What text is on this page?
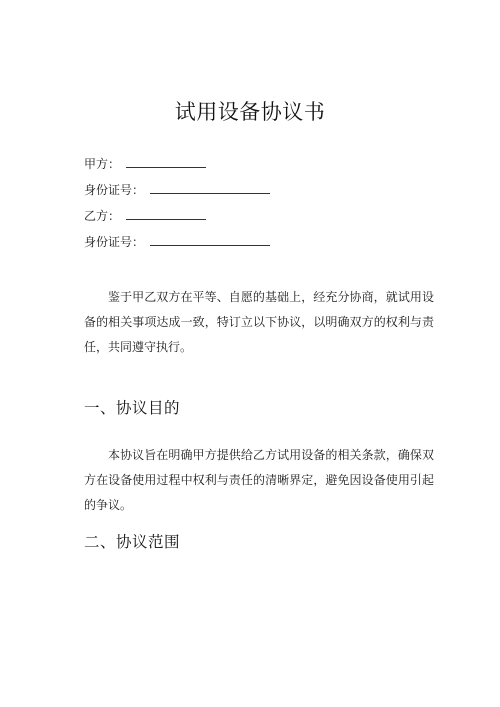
试用设备协议书
甲方：
身份证号：
乙方：
身份证号：
鉴于甲乙双方在平等、自愿的基础上，经充分协商，就试用设备的相关事项达成一致，特订立以下协议，以明确双方的权利与责任，共同遵守执行。
一、协议目的
本协议旨在明确甲方提供给乙方试用设备的相关条款，确保双方在设备使用过程中权利与责任的清晰界定，避免因设备使用引起的争议。
二、协议范围
